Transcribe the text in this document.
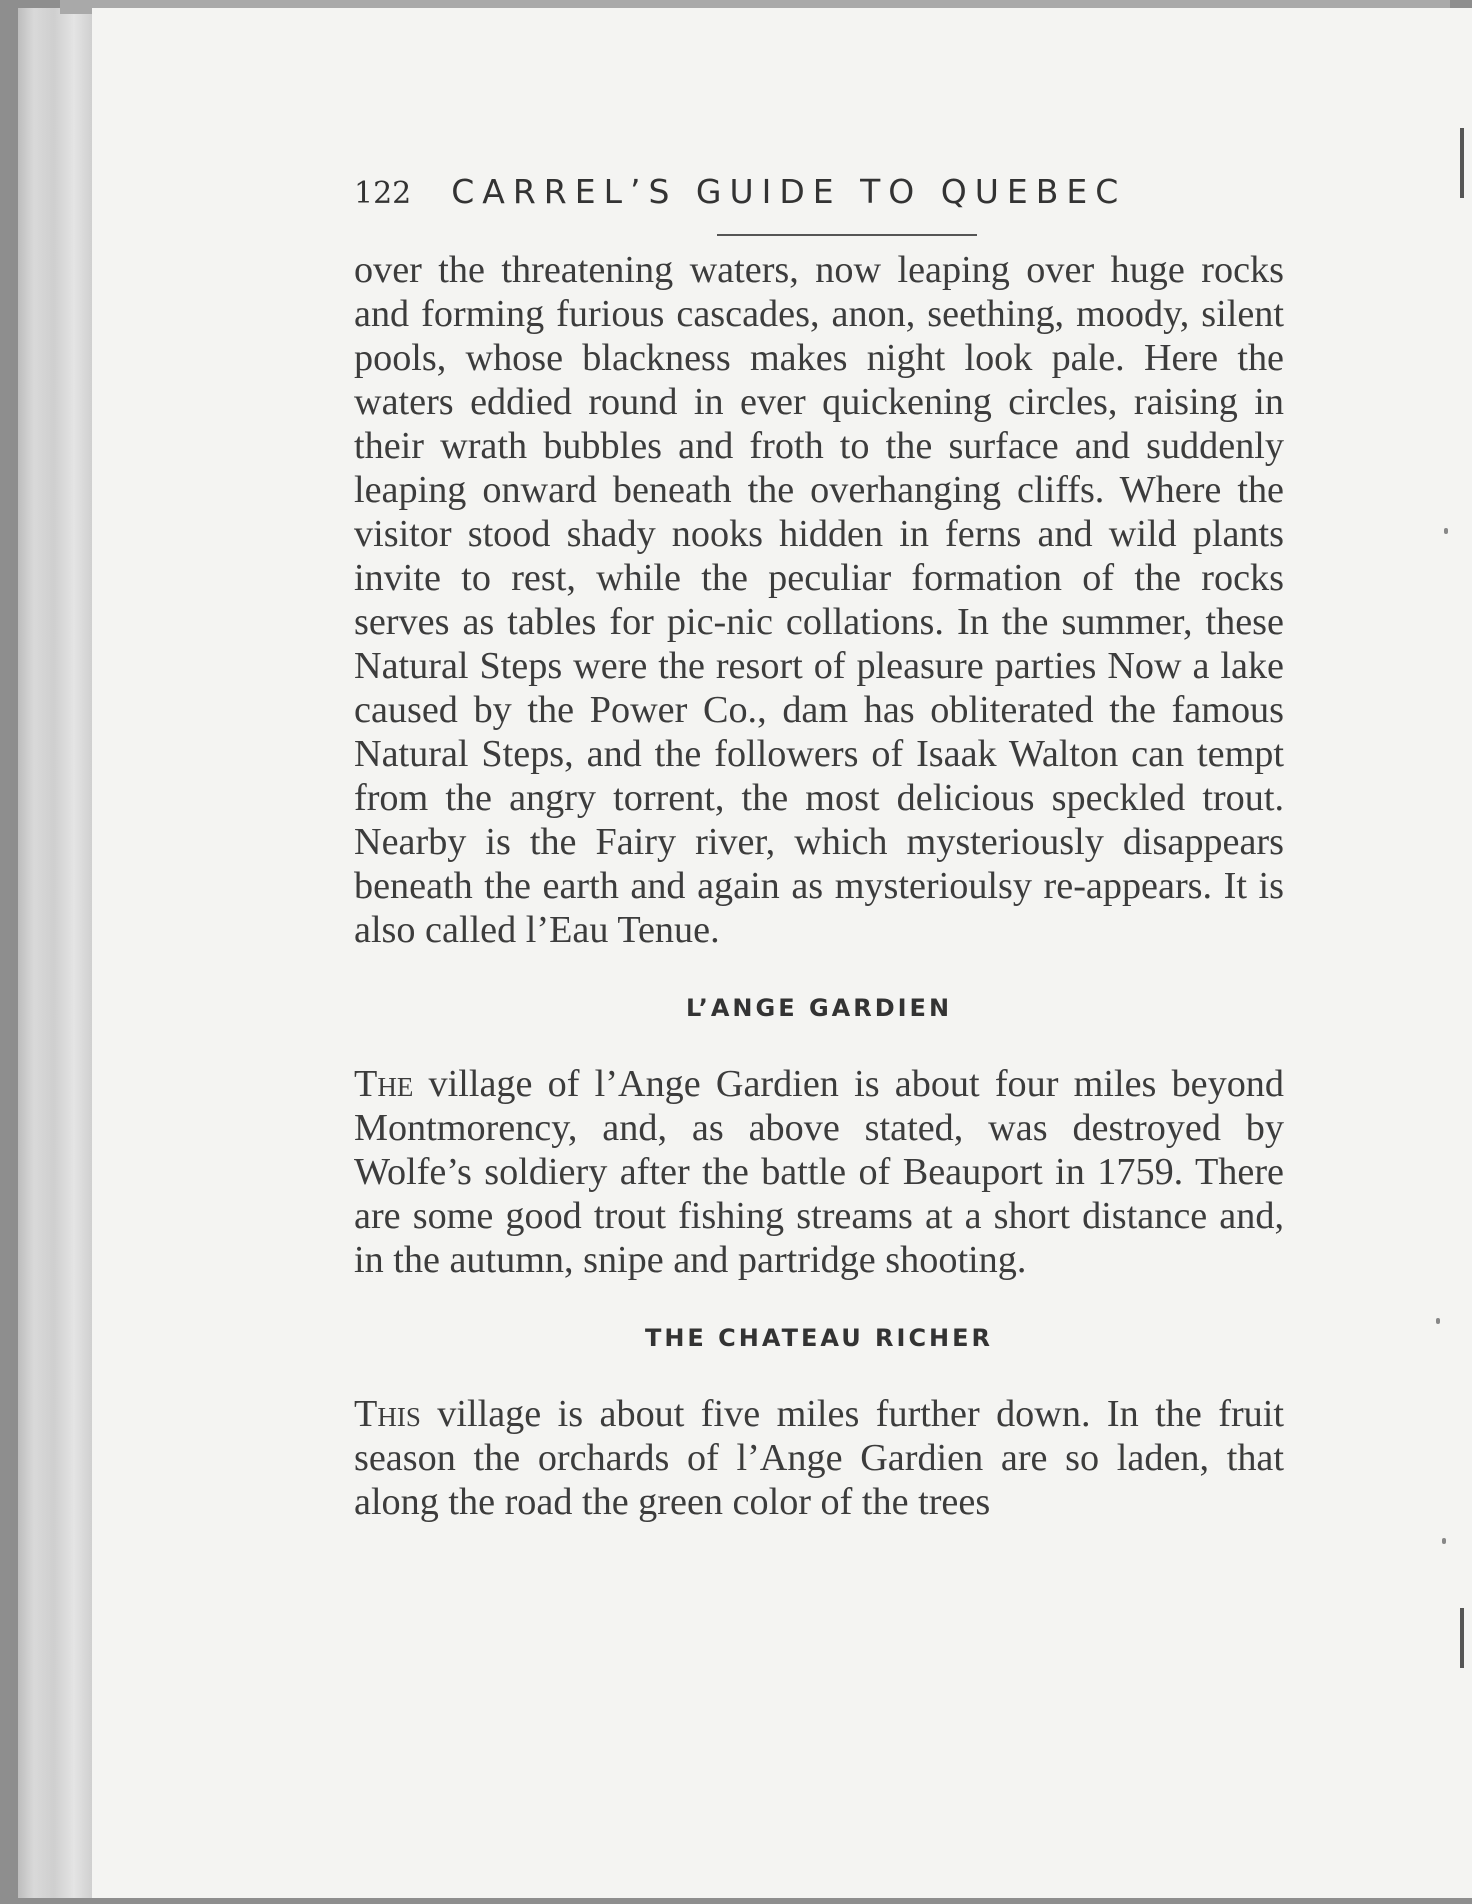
122 CARREL’S GUIDE TO QUEBEC

over the threatening waters, now leaping over huge rocks and forming furious cascades, anon, seething, moody, silent pools, whose blackness makes night look pale. Here the waters eddied round in ever quickening circles, raising in their wrath bubbles and froth to the surface and suddenly leaping onward beneath the overhanging cliffs. Where the visitor stood shady nooks hidden in ferns and wild plants invite to rest, while the peculiar formation of the rocks serves as tables for pic-nic collations. In the summer, these Natural Steps were the resort of pleasure parties Now a lake caused by the Power Co., dam has obliterated the famous Natural Steps, and the followers of Isaak Walton can tempt from the angry torrent, the most delicious speckled trout. Nearby is the Fairy river, which mysteriously disappears beneath the earth and again as mysterioulsy re-appears. It is also called l’Eau Tenue.

L’ANGE GARDIEN

The village of l’Ange Gardien is about four miles beyond Montmorency, and, as above stated, was destroyed by Wolfe’s soldiery after the battle of Beauport in 1759. There are some good trout fishing streams at a short distance and, in the autumn, snipe and partridge shooting.

THE CHATEAU RICHER

This village is about five miles further down. In the fruit season the orchards of l’Ange Gardien are so laden, that along the road the green color of the trees
